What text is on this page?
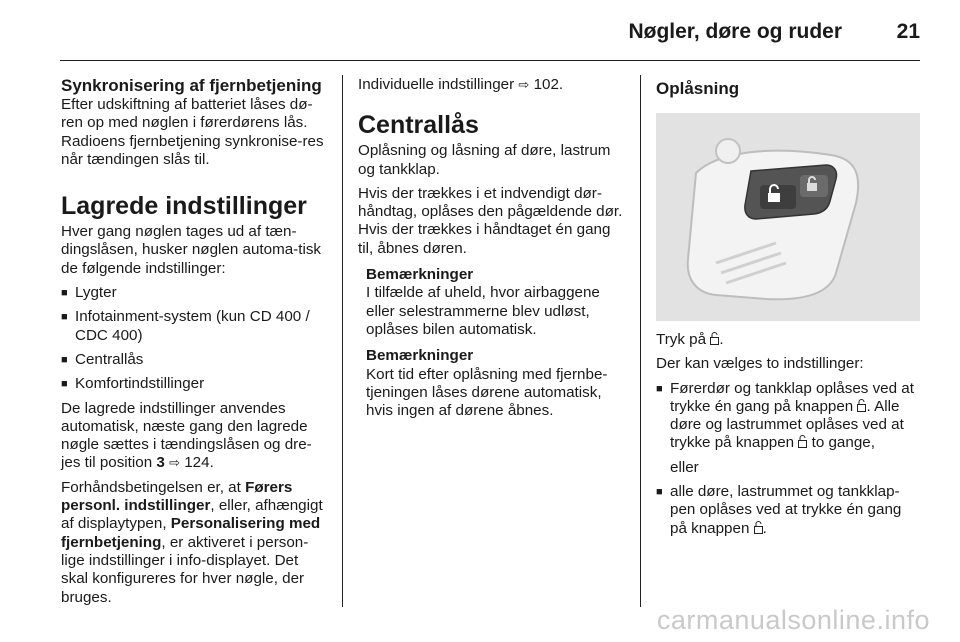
Nøgler, døre og ruder	21
Synkronisering af fjernbetjening

Efter udskiftning af batteriet låses dø-ren op med nøglen i førerdørens lås. Radioens fjernbetjening synkronise-res når tændingen slås til.

Lagrede indstillinger

Hver gang nøglen tages ud af tæn-dingslåsen, husker nøglen automa-tisk de følgende indstillinger:

■ Lygter
■ Infotainment-system (kun CD 400 / CDC 400)
■ Centrallås
■ Komfortindstillinger

De lagrede indstillinger anvendes automatisk, næste gang den lagrede nøgle sættes i tændingslåsen og dre-jes til position 3 ⇨ 124.

Forhåndsbetingelsen er, at Førers personl. indstillinger, eller, afhængigt af displaytypen, Personalisering med fjernbetjening, er aktiveret i person-lige indstillinger i info-displayet. Det skal konfigureres for hver nøgle, der bruges.

Individuelle indstillinger ⇨ 102.

Centrallås

Oplåsning og låsning af døre, lastrum og tankklap.

Hvis der trækkes i et indvendigt dør-håndtag, oplåses den pågældende dør. Hvis der trækkes i håndtaget én gang til, åbnes døren.

Bemærkninger
I tilfælde af uheld, hvor airbaggene eller selestrammerne blev udløst, oplåses bilen automatisk.
Bemærkninger
Kort tid efter oplåsning med fjernbe-tjeningen låses dørene automatisk, hvis ingen af dørene åbnes.
Oplåsning

Tryk på .

Der kan vælges to indstillinger:

■ Førerdør og tankklap oplåses ved at trykke én gang på knappen . Alle døre og lastrummet oplåses ved at trykke på knappen to gange,
eller
■ alle døre, lastrummet og tankklap-pen oplåses ved at trykke én gang på knappen .
carmanualsonline.info
